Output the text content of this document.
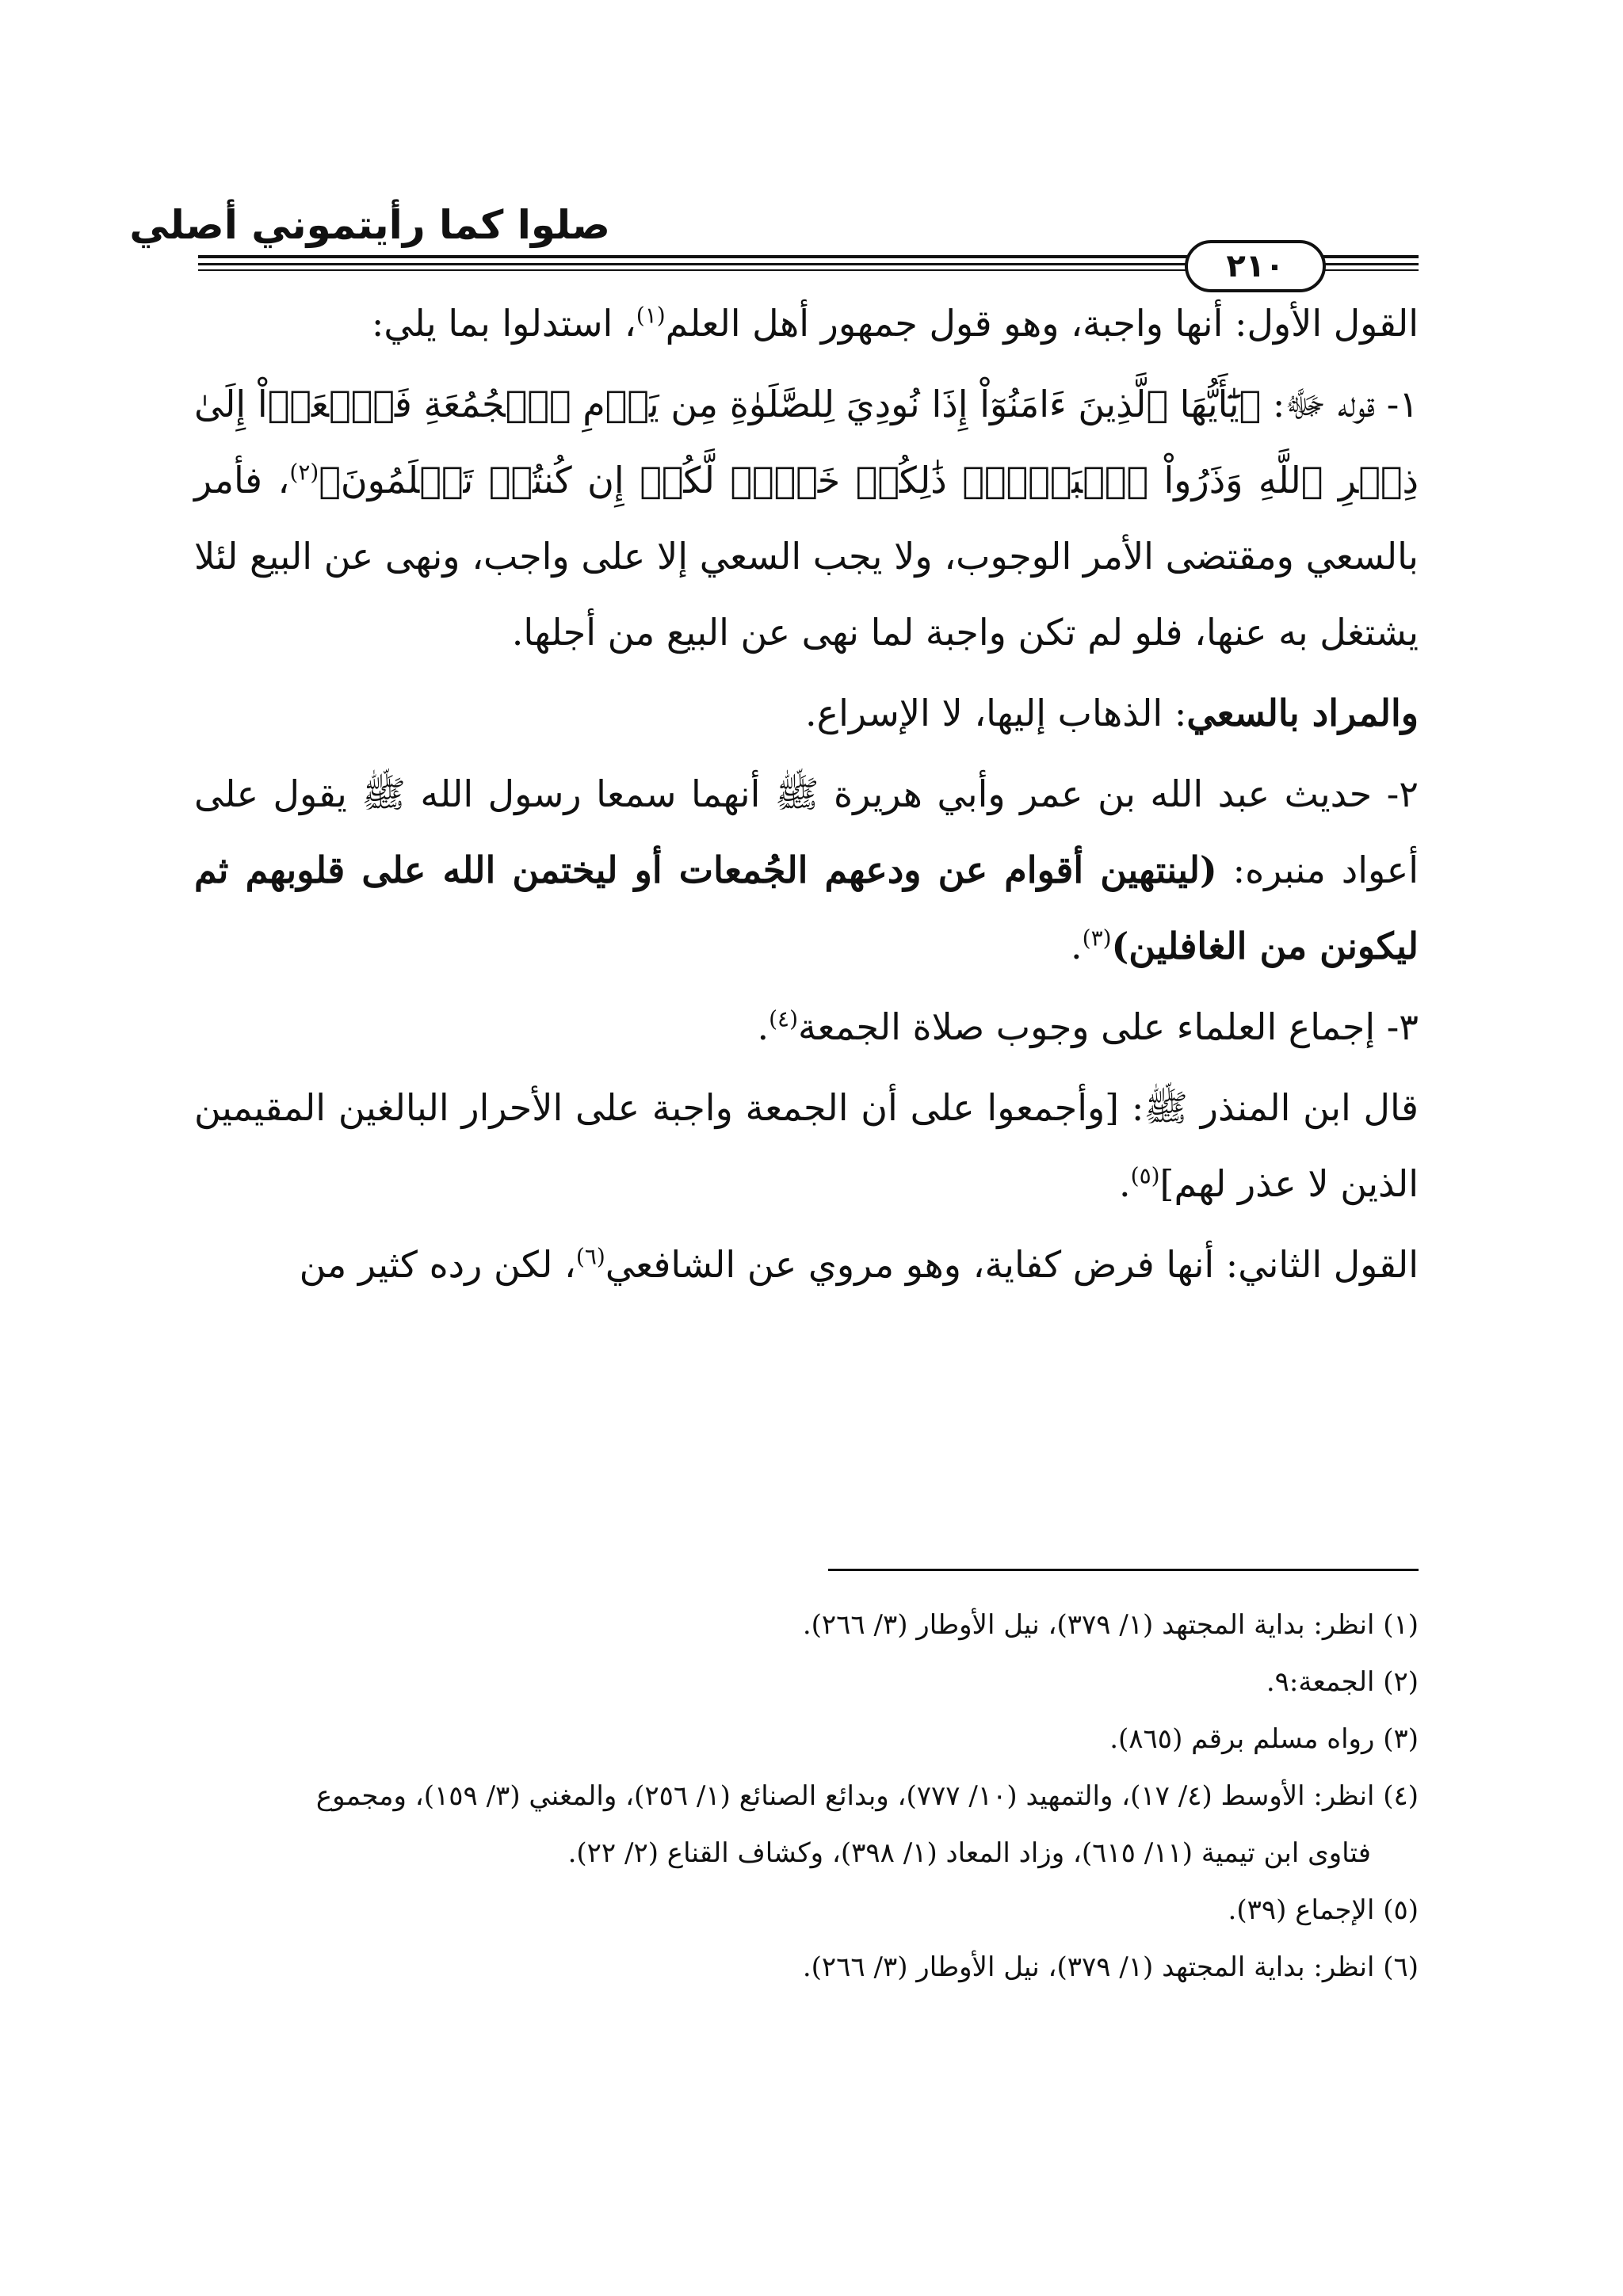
صلوا كما رأيتموني أصلي
٢١٠

القول الأول: أنها واجبة، وهو قول جمهور أهل العلم$^{(١)}$، استدلوا بما يلي:

١- قوله ﷻ: ﴿يَٰٓأَيُّهَا ٱلَّذِينَ ءَامَنُوٓاْ إِذَا نُودِيَ لِلصَّلَوٰةِ مِن يَوۡمِ ٱلۡجُمُعَةِ فَٱسۡعَوۡاْ إِلَىٰ ذِكۡرِ ٱللَّهِ وَذَرُواْ ٱلۡبَيۡعَۚ ذَٰلِكُمۡ خَيۡرٞ لَّكُمۡ إِن كُنتُمۡ تَعۡلَمُونَ﴾$^{(٢)}$، فأمر بالسعي ومقتضى الأمر الوجوب، ولا يجب السعي إلا على واجب، ونهى عن البيع لئلا يشتغل به عنها، فلو لم تكن واجبة لما نهى عن البيع من أجلها.

والمراد بالسعي: الذهاب إليها، لا الإسراع.

٢- حديث عبد الله بن عمر وأبي هريرة ﷺ أنهما سمعا رسول الله ﷺ يقول على أعواد منبره: (لينتهين أقوام عن ودعهم الجُمعات أو ليختمن الله على قلوبهم ثم ليكونن من الغافلين)$^{(٣)}$.

٣- إجماع العلماء على وجوب صلاة الجمعة$^{(٤)}$.

قال ابن المنذر ﷺ: [وأجمعوا على أن الجمعة واجبة على الأحرار البالغين المقيمين الذين لا عذر لهم]$^{(٥)}$.

القول الثاني: أنها فرض كفاية، وهو مروي عن الشافعي$^{(٦)}$، لكن رده كثير من

(١) انظر: بداية المجتهد (١/ ٣٧٩)، نيل الأوطار (٣/ ٢٦٦).
(٢) الجمعة:٩.
(٣) رواه مسلم برقم (٨٦٥).
(٤) انظر: الأوسط (٤/ ١٧)، والتمهيد (١٠/ ٧٧٧)، وبدائع الصنائع (١/ ٢٥٦)، والمغني (٣/ ١٥٩)، ومجموع
فتاوى ابن تيمية (١١/ ٦١٥)، وزاد المعاد (١/ ٣٩٨)، وكشاف القناع (٢/ ٢٢).
(٥) الإجماع (٣٩).
(٦) انظر: بداية المجتهد (١/ ٣٧٩)، نيل الأوطار (٣/ ٢٦٦).
